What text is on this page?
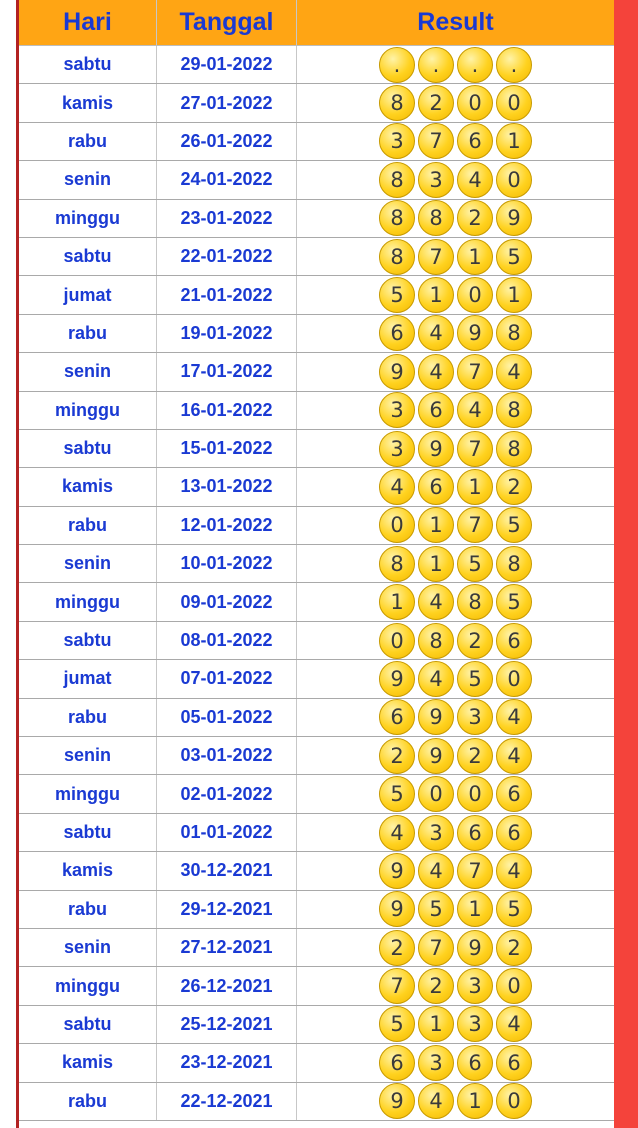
Hari	Tanggal	Result
sabtu	29-01-2022	.	.	.	.
kamis	27-01-2022	8	2	0	0
rabu	26-01-2022	3	7	6	1
senin	24-01-2022	8	3	4	0
minggu	23-01-2022	8	8	2	9
sabtu	22-01-2022	8	7	1	5
jumat	21-01-2022	5	1	0	1
rabu	19-01-2022	6	4	9	8
senin	17-01-2022	9	4	7	4
minggu	16-01-2022	3	6	4	8
sabtu	15-01-2022	3	9	7	8
kamis	13-01-2022	4	6	1	2
rabu	12-01-2022	0	1	7	5
senin	10-01-2022	8	1	5	8
minggu	09-01-2022	1	4	8	5
sabtu	08-01-2022	0	8	2	6
jumat	07-01-2022	9	4	5	0
rabu	05-01-2022	6	9	3	4
senin	03-01-2022	2	9	2	4
minggu	02-01-2022	5	0	0	6
sabtu	01-01-2022	4	3	6	6
kamis	30-12-2021	9	4	7	4
rabu	29-12-2021	9	5	1	5
senin	27-12-2021	2	7	9	2
minggu	26-12-2021	7	2	3	0
sabtu	25-12-2021	5	1	3	4
kamis	23-12-2021	6	3	6	6
rabu	22-12-2021	9	4	1	0
